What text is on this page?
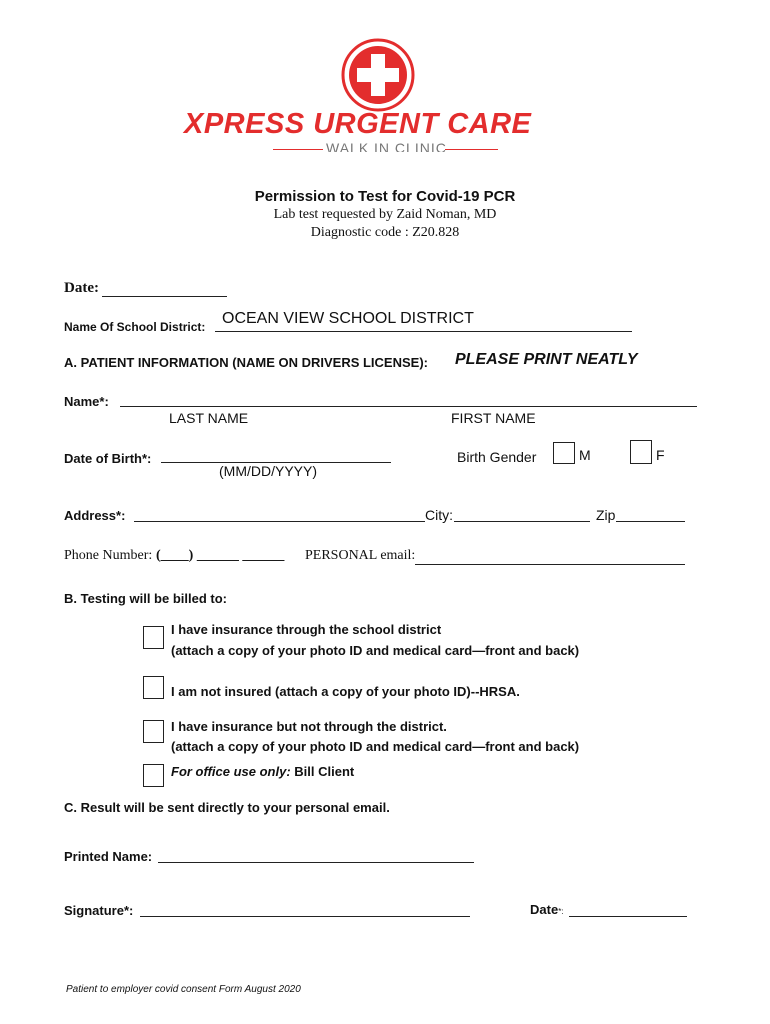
XPRESS URGENT CARE
WALK IN CLINIC
Permission to Test for Covid-19 PCR
Lab test requested by Zaid Noman, MD
Diagnostic code : Z20.828
Date:
Name Of School District: OCEAN VIEW SCHOOL DISTRICT
A. PATIENT INFORMATION (NAME ON DRIVERS LICENSE): PLEASE PRINT NEATLY
Name*:
LAST NAME	FIRST NAME
Date of Birth*:
(MM/DD/YYYY)
Birth Gender	M	F
Address*:	City:	Zip
Phone Number: (____) ______ ______ PERSONAL email:
B. Testing will be billed to:
I have insurance through the school district
(attach a copy of your photo ID and medical card—front and back)
I am not insured (attach a copy of your photo ID)--HRSA.
I have insurance but not through the district.
(attach a copy of your photo ID and medical card—front and back)
For office use only: Bill Client
C. Result will be sent directly to your personal email.
Printed Name:
Signature*:	Date*:
Patient to employer covid consent Form August 2020
